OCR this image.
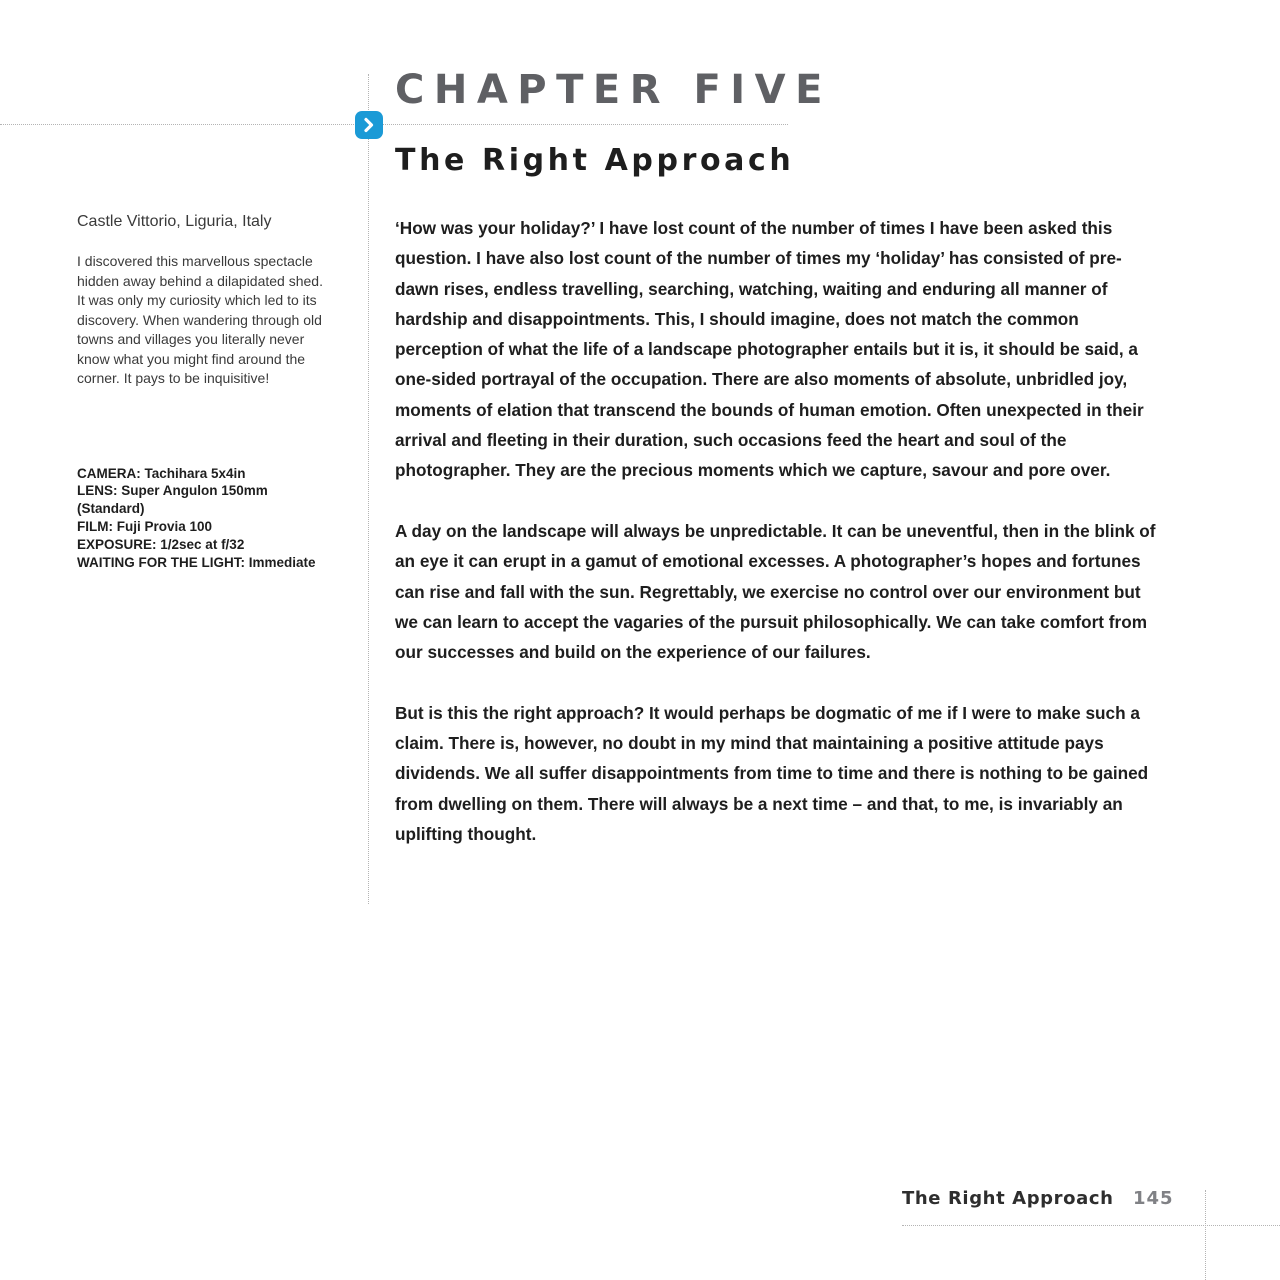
CHAPTER FIVE
The Right Approach

Castle Vittorio, Liguria, Italy

I discovered this marvellous spectacle hidden away behind a dilapidated shed. It was only my curiosity which led to its discovery. When wandering through old towns and villages you literally never know what you might find around the corner. It pays to be inquisitive!

CAMERA: Tachihara 5x4in
LENS: Super Angulon 150mm (Standard)
FILM: Fuji Provia 100
EXPOSURE: 1/2sec at f/32
WAITING FOR THE LIGHT: Immediate

‘How was your holiday?’ I have lost count of the number of times I have been asked this question. I have also lost count of the number of times my ‘holiday’ has consisted of pre-dawn rises, endless travelling, searching, watching, waiting and enduring all manner of hardship and disappointments. This, I should imagine, does not match the common perception of what the life of a landscape photographer entails but it is, it should be said, a one-sided portrayal of the occupation. There are also moments of absolute, unbridled joy, moments of elation that transcend the bounds of human emotion. Often unexpected in their arrival and fleeting in their duration, such occasions feed the heart and soul of the photographer. They are the precious moments which we capture, savour and pore over.

A day on the landscape will always be unpredictable. It can be uneventful, then in the blink of an eye it can erupt in a gamut of emotional excesses. A photographer’s hopes and fortunes can rise and fall with the sun. Regrettably, we exercise no control over our environment but we can learn to accept the vagaries of the pursuit philosophically. We can take comfort from our successes and build on the experience of our failures.

But is this the right approach? It would perhaps be dogmatic of me if I were to make such a claim. There is, however, no doubt in my mind that maintaining a positive attitude pays dividends. We all suffer disappointments from time to time and there is nothing to be gained from dwelling on them. There will always be a next time – and that, to me, is invariably an uplifting thought.

The Right Approach 145
